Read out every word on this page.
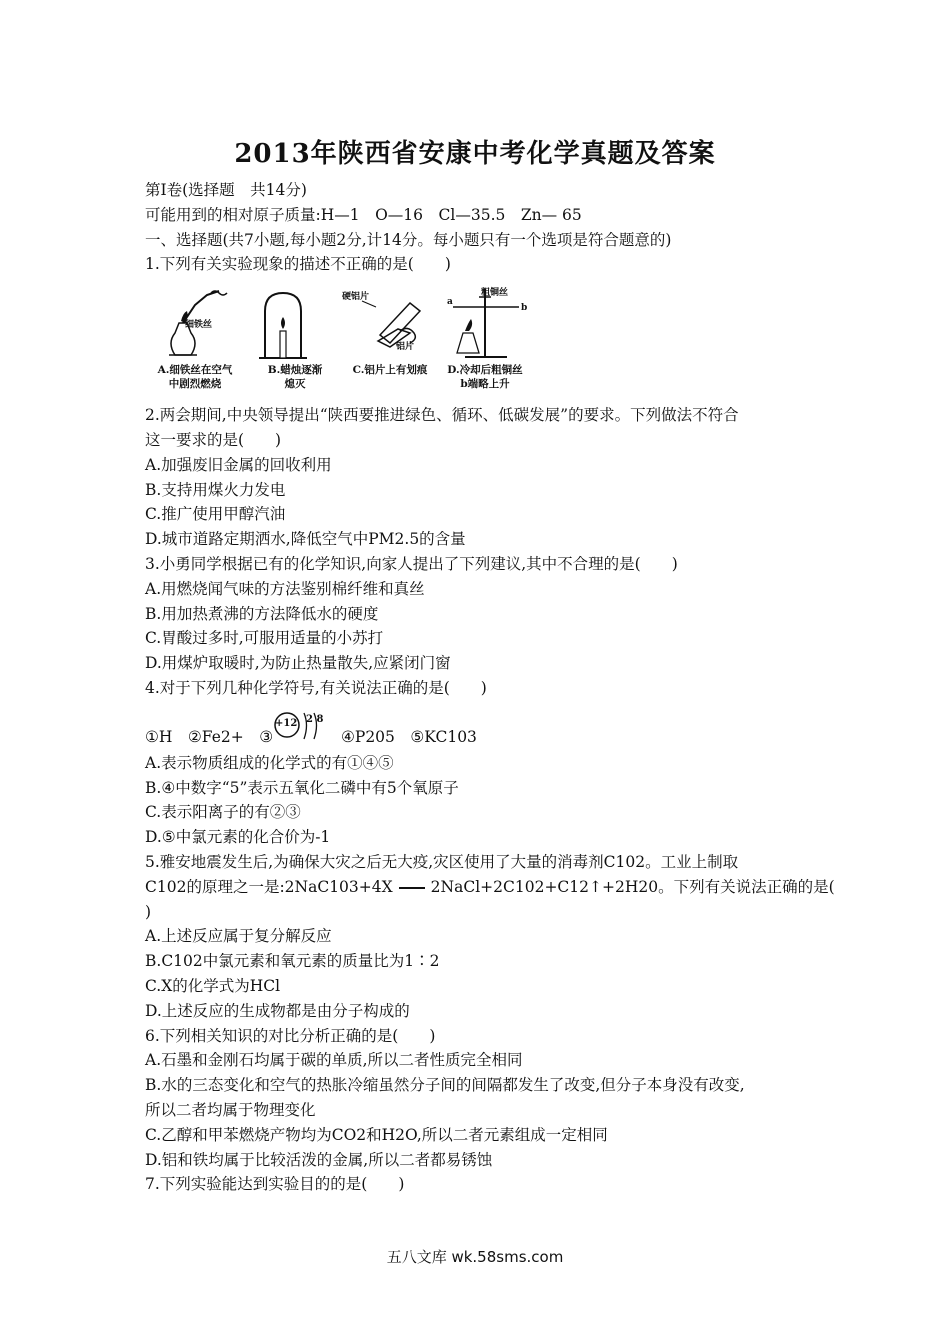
2013年陕西省安康中考化学真题及答案
第Ⅰ卷(选择题　共14分)
可能用到的相对原子质量:H—1　O—16　Cl—35.5　Zn— 65
一、选择题(共7小题,每小题2分,计14分。每小题只有一个选项是符合题意的)
1.下列有关实验现象的描述不正确的是(　　)
细铁丝
A.细铁丝在空气
中剧烈燃烧
B.蜡烛逐渐
熄灭
硬铝片
铝片
C.铝片上有划痕
粗铜丝
a
b
D.冷却后粗铜丝
b端略上升
2.两会期间,中央领导提出“陕西要推进绿色、循环、低碳发展”的要求。下列做法不符合
这一要求的是(　　)
A.加强废旧金属的回收利用
B.支持用煤火力发电
C.推广使用甲醇汽油
D.城市道路定期洒水,降低空气中PM2.5的含量
3.小勇同学根据已有的化学知识,向家人提出了下列建议,其中不合理的是(　　)
A.用燃烧闻气味的方法鉴别棉纤维和真丝
B.用加热煮沸的方法降低水的硬度
C.胃酸过多时,可服用适量的小苏打
D.用煤炉取暖时,为防止热量散失,应紧闭门窗
4.对于下列几种化学符号,有关说法正确的是(　　)
①H　②Fe2+　③
+12 2 8
④P205　⑤KC103
A.表示物质组成的化学式的有①④⑤
B.④中数字“5”表示五氧化二磷中有5个氧原子
C.表示阳离子的有②③
D.⑤中氯元素的化合价为-1
5.雅安地震发生后,为确保大灾之后无大疫,灾区使用了大量的消毒剂C102。工业上制取
C102的原理之一是:2NaC103+4X 2NaCl+2C102+C12↑+2H20。下列有关说法正确的是(
)
A.上述反应属于复分解反应
B.C102中氯元素和氧元素的质量比为1∶2
C.X的化学式为HCl
D.上述反应的生成物都是由分子构成的
6.下列相关知识的对比分析正确的是(　　)
A.石墨和金刚石均属于碳的单质,所以二者性质完全相同
B.水的三态变化和空气的热胀冷缩虽然分子间的间隔都发生了改变,但分子本身没有改变,
所以二者均属于物理变化
C.乙醇和甲苯燃烧产物均为CO2和H2O,所以二者元素组成一定相同
D.铝和铁均属于比较活泼的金属,所以二者都易锈蚀
7.下列实验能达到实验目的的是(　　)
五八文库 wk.58sms.com
